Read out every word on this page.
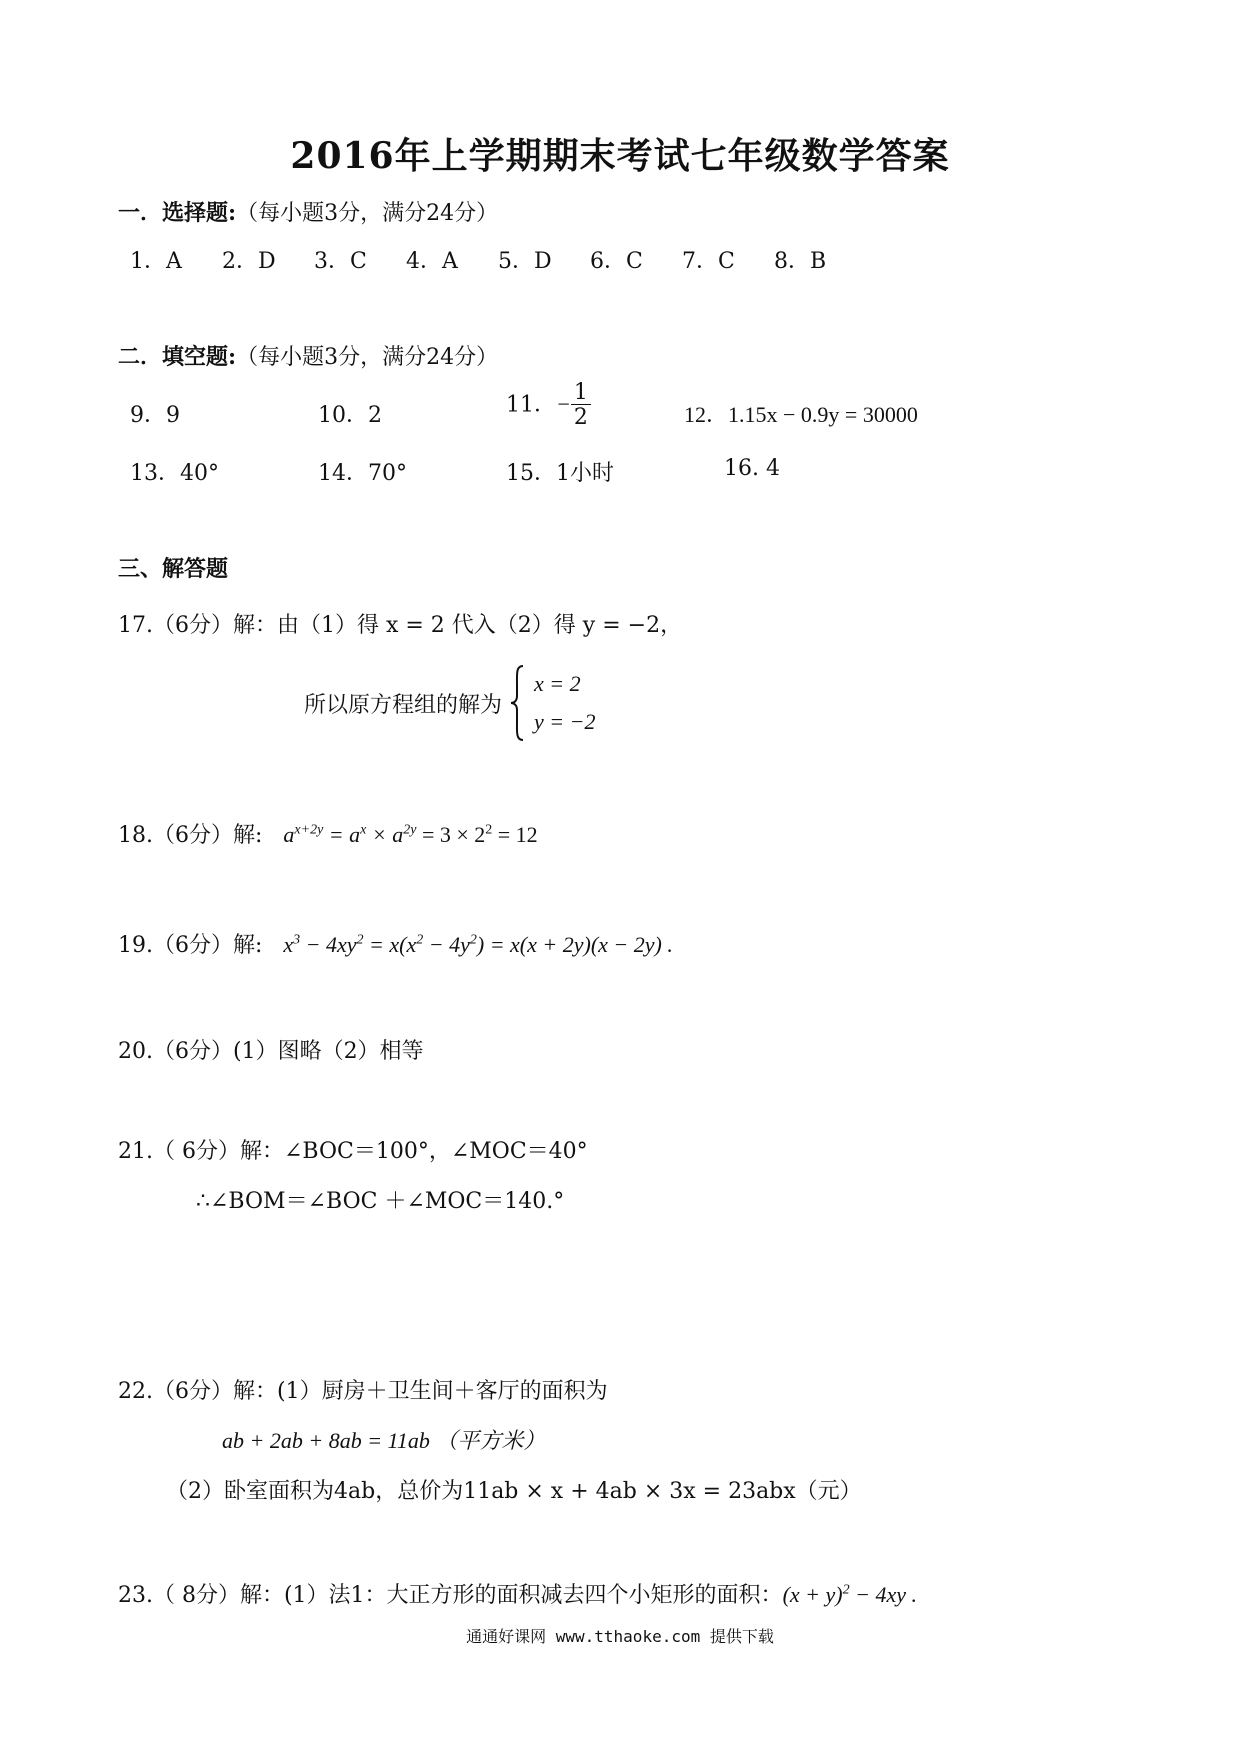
2016年上学期期末考试七年级数学答案
一．选择题:（每小题3分，满分24分）
1．A 2．D 3．C 4．A 5．D 6．C 7．C 8．B
二．填空题:（每小题3分，满分24分）
9．9	10．2	11．− $\frac{1}{2}$	12．1.15x − 0.9y = 30000
13．40°	14．70°	15．1小时	16. 4
三、解答题
17.（6分）解：由（1）得 x = 2 代入（2）得 y = −2，
所以原方程组的解为
x = 2
y = −2
18.（6分）解: $a^{x+2y} = a^x \times a^{2y} = 3 \times 2^2 = 12$
19.（6分）解: $x^3 - 4xy^2 = x(x^2 - 4y^2) = x(x + 2y)(x - 2y)$ .
20.（6分）(1）图略（2）相等
21.（ 6分）解：∠BOC＝100°，∠MOC＝40°
∴∠BOM＝∠BOC ＋∠MOC＝140.°
22.（6分）解：(1）厨房＋卫生间＋客厅的面积为
ab + 2ab + 8ab = 11ab （平方米）
（2）卧室面积为4ab，总价为11ab × x + 4ab × 3x = 23abx（元）
23.（ 8分）解：(1）法1：大正方形的面积减去四个小矩形的面积：$(x + y)^2 - 4xy$ .
通通好课网 www.tthaoke.com 提供下载
